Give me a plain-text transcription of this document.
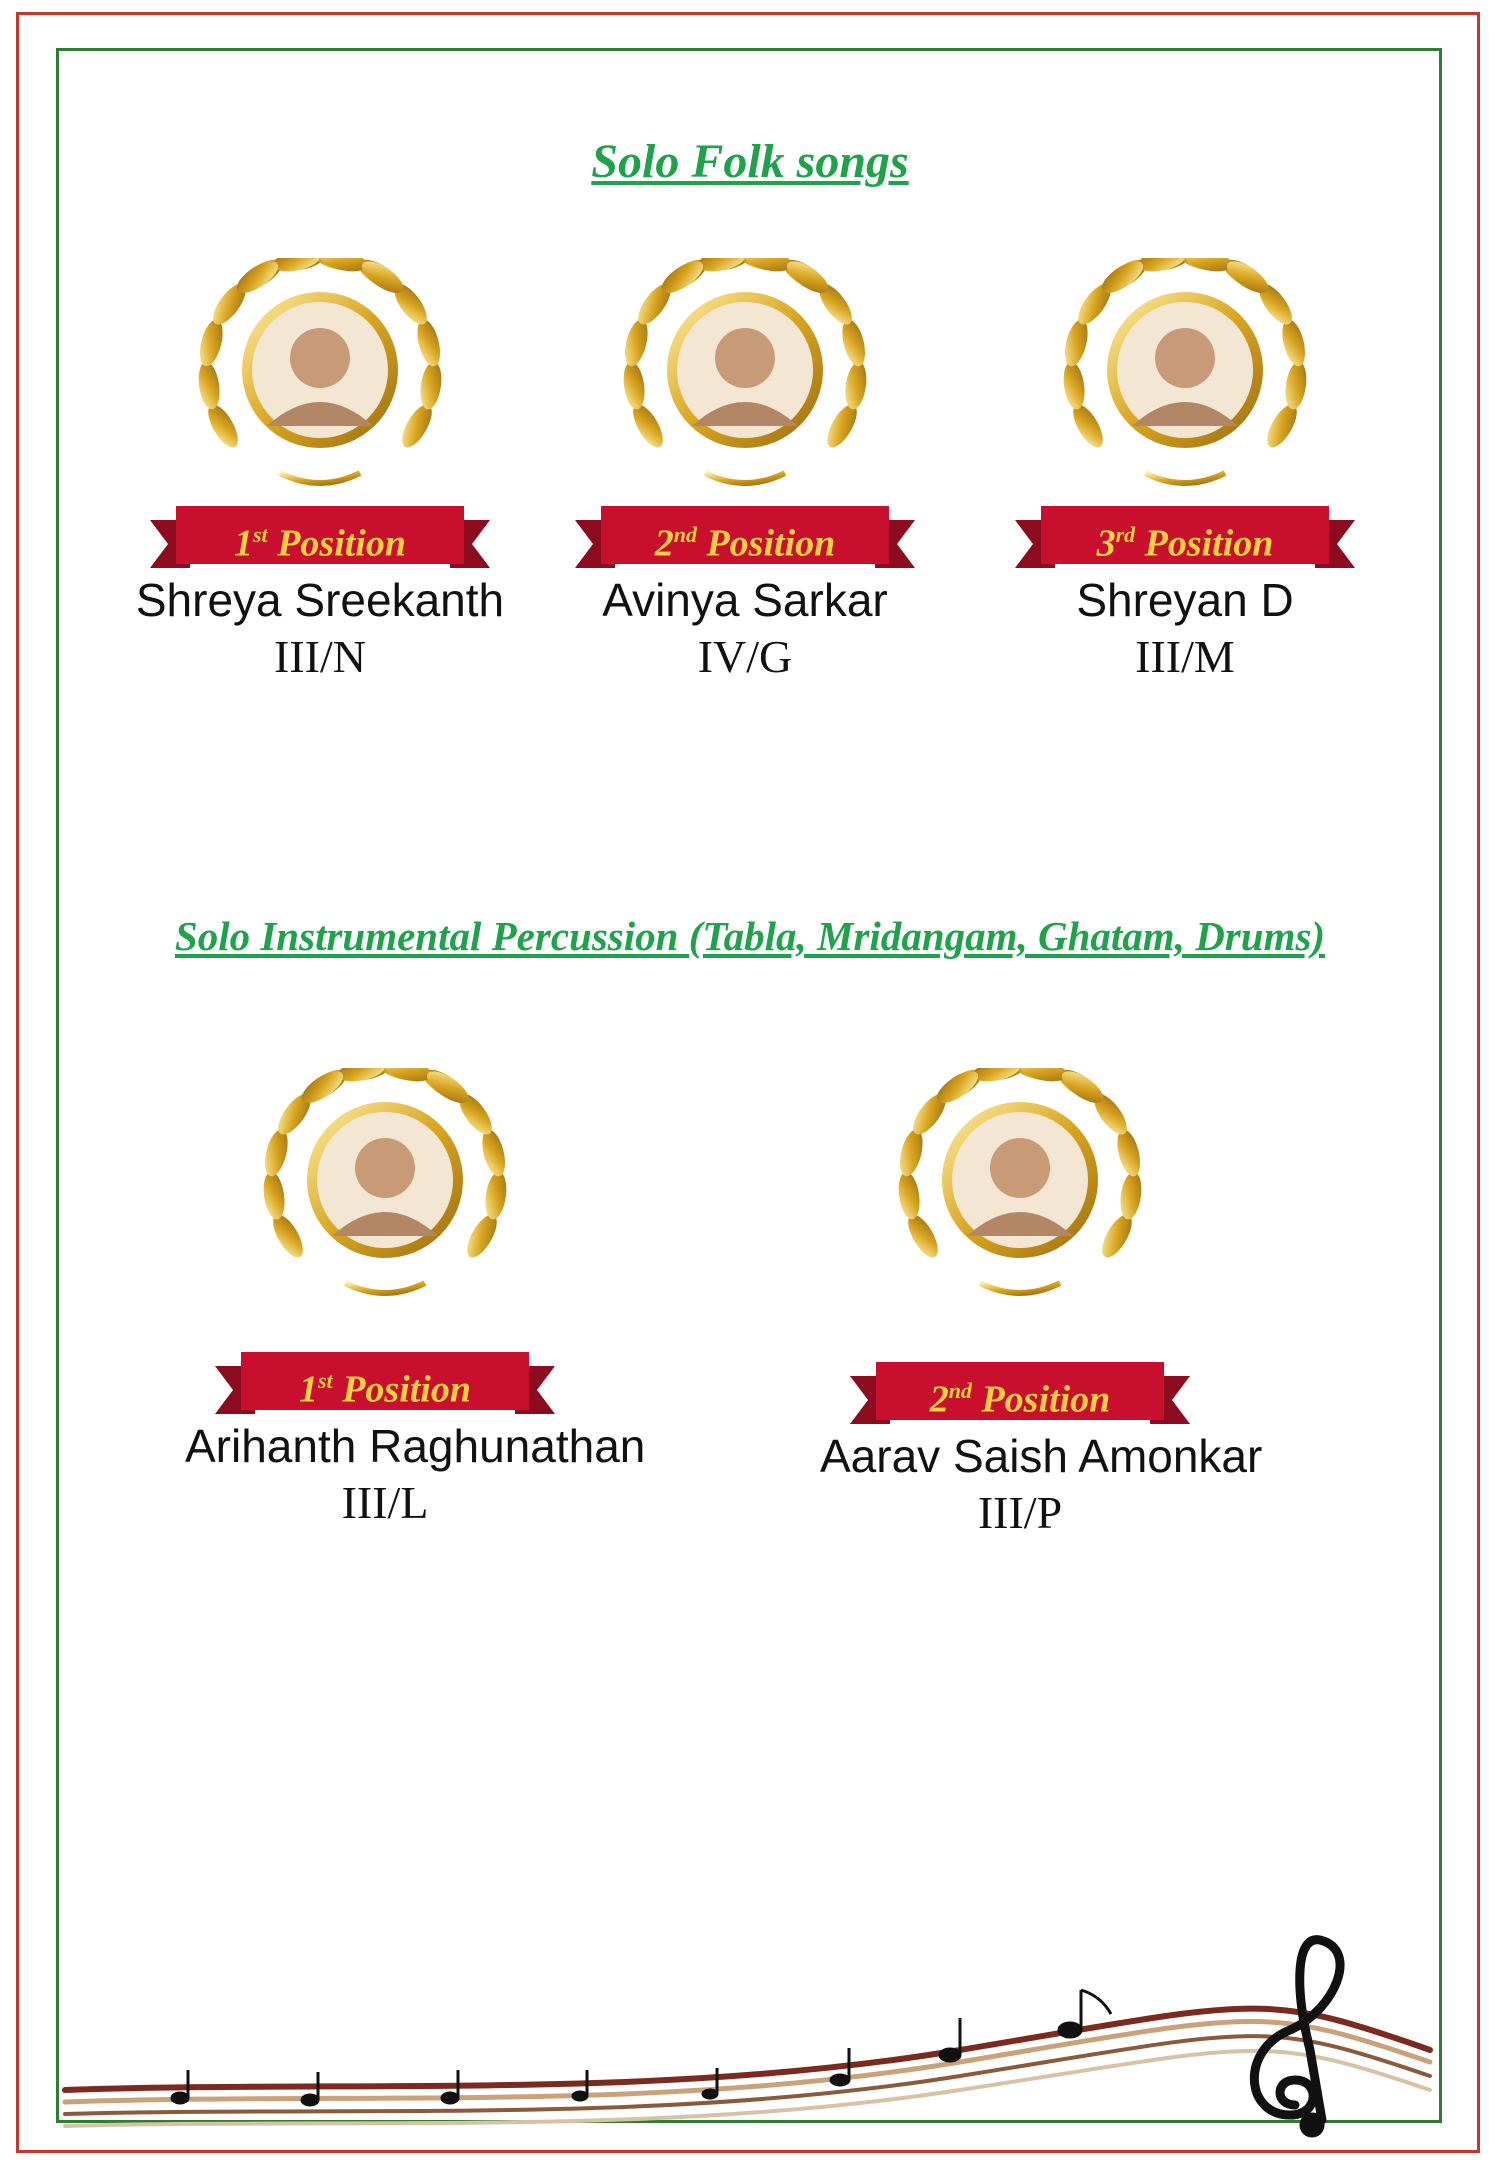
Solo Folk songs
Solo Instrumental Percussion (Tabla, Mridangam, Ghatam, Drums)
1st Position
Shreya Sreekanth
III/N
2nd Position
Avinya Sarkar
IV/G
3rd Position
Shreyan D
III/M
1st Position
Arihanth Raghunathan
III/L
2nd Position
Aarav Saish Amonkar
III/P
